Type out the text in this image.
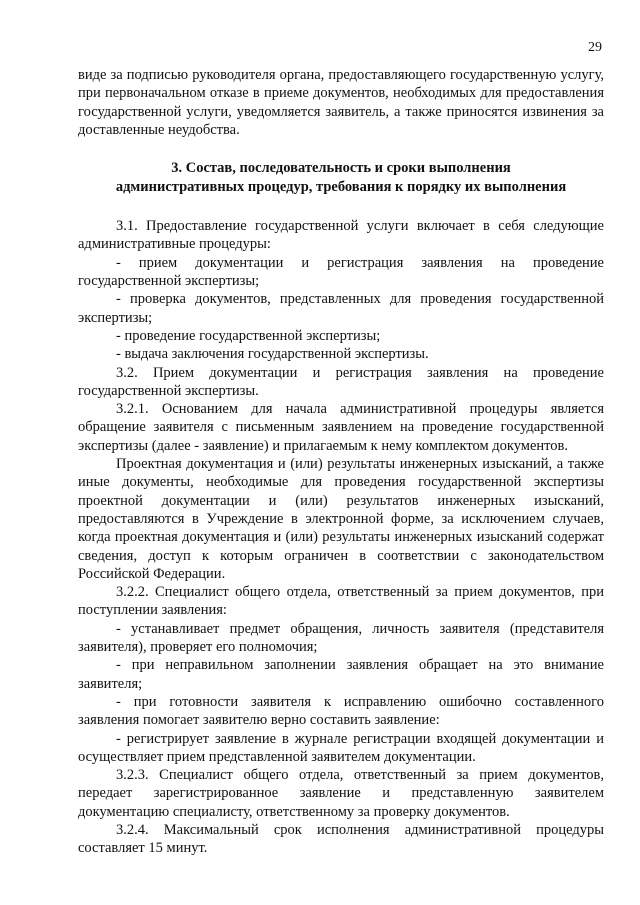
29

виде за подписью руководителя органа, предоставляющего государственную услугу, при первоначальном отказе в приеме документов, необходимых для предоставления государственной услуги, уведомляется заявитель, а также приносятся извинения за доставленные неудобства.

3. Состав, последовательность и сроки выполнения
административных процедур, требования к порядку их выполнения

3.1. Предоставление государственной услуги включает в себя следующие административные процедуры:

- прием документации и регистрация заявления на проведение государственной экспертизы;

- проверка документов, представленных для проведения государственной экспертизы;

- проведение государственной экспертизы;

- выдача заключения государственной экспертизы.

3.2. Прием документации и регистрация заявления на проведение государственной экспертизы.

3.2.1. Основанием для начала административной процедуры является обращение заявителя с письменным заявлением на проведение государственной экспертизы (далее - заявление) и прилагаемым к нему комплектом документов.

Проектная документация и (или) результаты инженерных изысканий, а также иные документы, необходимые для проведения государственной экспертизы проектной документации и (или) результатов инженерных изысканий, предоставляются в Учреждение в электронной форме, за исключением случаев, когда проектная документация и (или) результаты инженерных изысканий содержат сведения, доступ к которым ограничен в соответствии с законодательством Российской Федерации.

3.2.2. Специалист общего отдела, ответственный за прием документов, при поступлении заявления:

- устанавливает предмет обращения, личность заявителя (представителя заявителя), проверяет его полномочия;

- при неправильном заполнении заявления обращает на это внимание заявителя;

- при готовности заявителя к исправлению ошибочно составленного заявления помогает заявителю верно составить заявление:

- регистрирует заявление в журнале регистрации входящей документации и осуществляет прием представленной заявителем документации.

3.2.3. Специалист общего отдела, ответственный за прием документов, передает зарегистрированное заявление и представленную заявителем документацию специалисту, ответственному за проверку документов.

3.2.4. Максимальный срок исполнения административной процедуры составляет 15 минут.
